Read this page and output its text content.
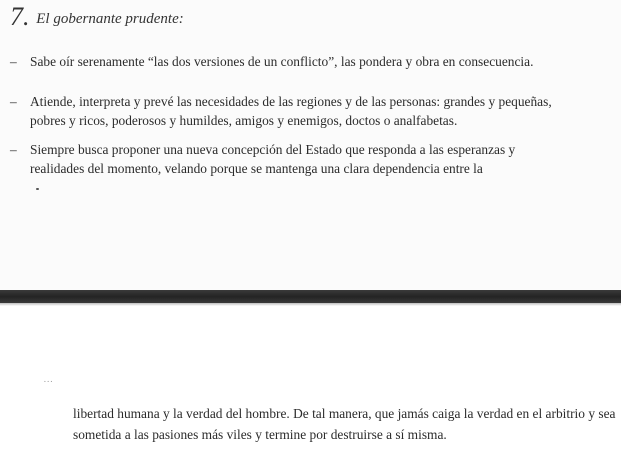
7. El gobernante prudente:
– Sabe oír serenamente “las dos versiones de un conflicto”, las pondera y obra en consecuencia.
– Atiende, interpreta y prevé las necesidades de las regiones y de las personas: grandes y pequeñas, pobres y ricos, poderosos y humildes, amigos y enemigos, doctos o analfabetas.
– Siempre busca proponer una nueva concepción del Estado que responda a las esperanzas y realidades del momento, velando porque se mantenga una clara dependencia entre la
...
libertad humana y la verdad del hombre. De tal manera, que jamás caiga la verdad en el arbitrio y sea sometida a las pasiones más viles y termine por destruirse a sí misma.
